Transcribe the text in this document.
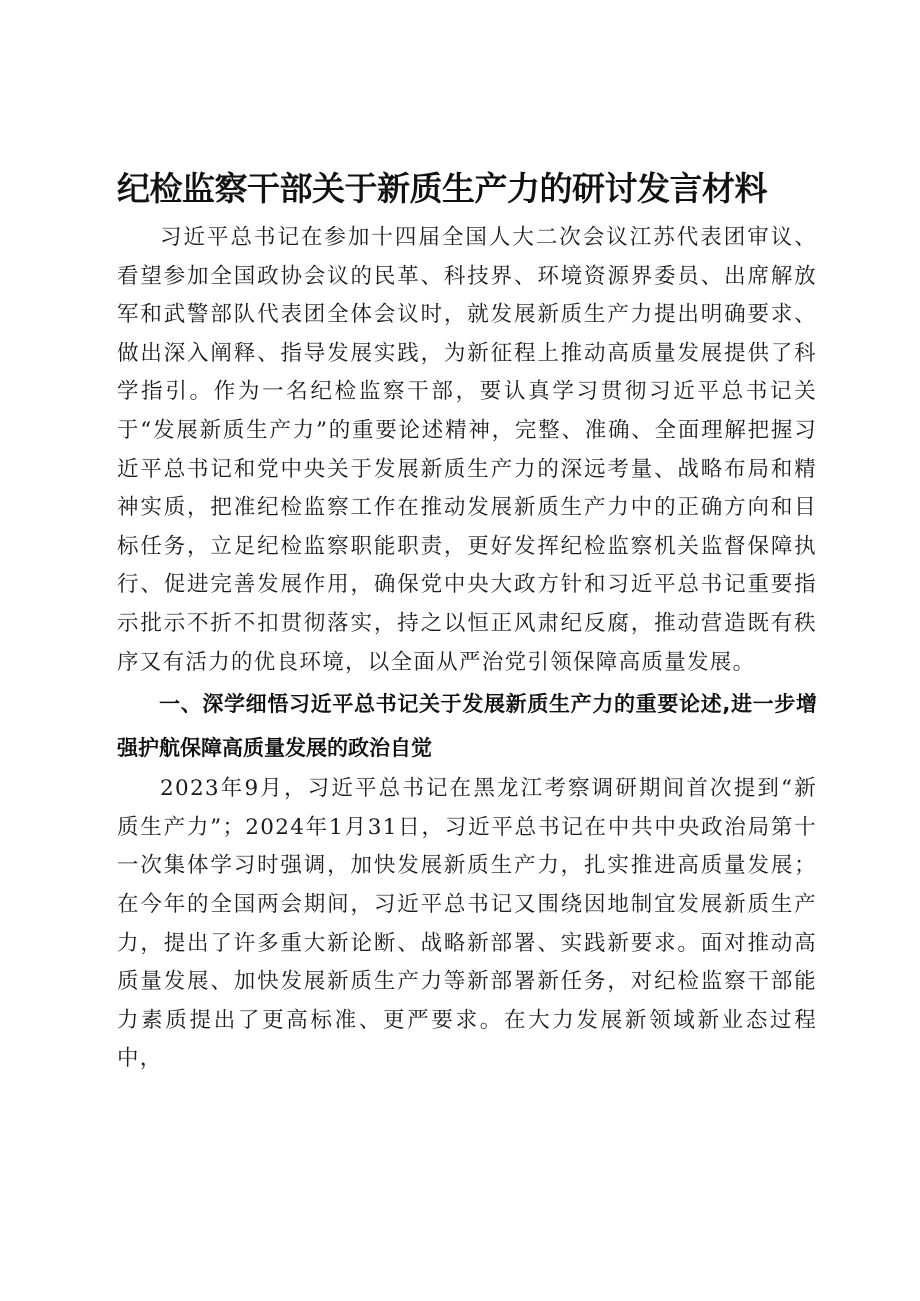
纪检监察干部关于新质生产力的研讨发言材料

习近平总书记在参加十四届全国人大二次会议江苏代表团审议、看望参加全国政协会议的民革、科技界、环境资源界委员、出席解放军和武警部队代表团全体会议时，就发展新质生产力提出明确要求、做出深入阐释、指导发展实践，为新征程上推动高质量发展提供了科学指引。作为一名纪检监察干部，要认真学习贯彻习近平总书记关于“发展新质生产力”的重要论述精神，完整、准确、全面理解把握习近平总书记和党中央关于发展新质生产力的深远考量、战略布局和精神实质，把准纪检监察工作在推动发展新质生产力中的正确方向和目标任务，立足纪检监察职能职责，更好发挥纪检监察机关监督保障执行、促进完善发展作用，确保党中央大政方针和习近平总书记重要指示批示不折不扣贯彻落实，持之以恒正风肃纪反腐，推动营造既有秩序又有活力的优良环境，以全面从严治党引领保障高质量发展。

一、深学细悟习近平总书记关于发展新质生产力的重要论述,进一步增强护航保障高质量发展的政治自觉

2023年9月，习近平总书记在黑龙江考察调研期间首次提到“新质生产力”；2024年1月31日，习近平总书记在中共中央政治局第十一次集体学习时强调，加快发展新质生产力，扎实推进高质量发展；在今年的全国两会期间，习近平总书记又围绕因地制宜发展新质生产力，提出了许多重大新论断、战略新部署、实践新要求。面对推动高质量发展、加快发展新质生产力等新部署新任务，对纪检监察干部能力素质提出了更高标准、更严要求。在大力发展新领域新业态过程中，
